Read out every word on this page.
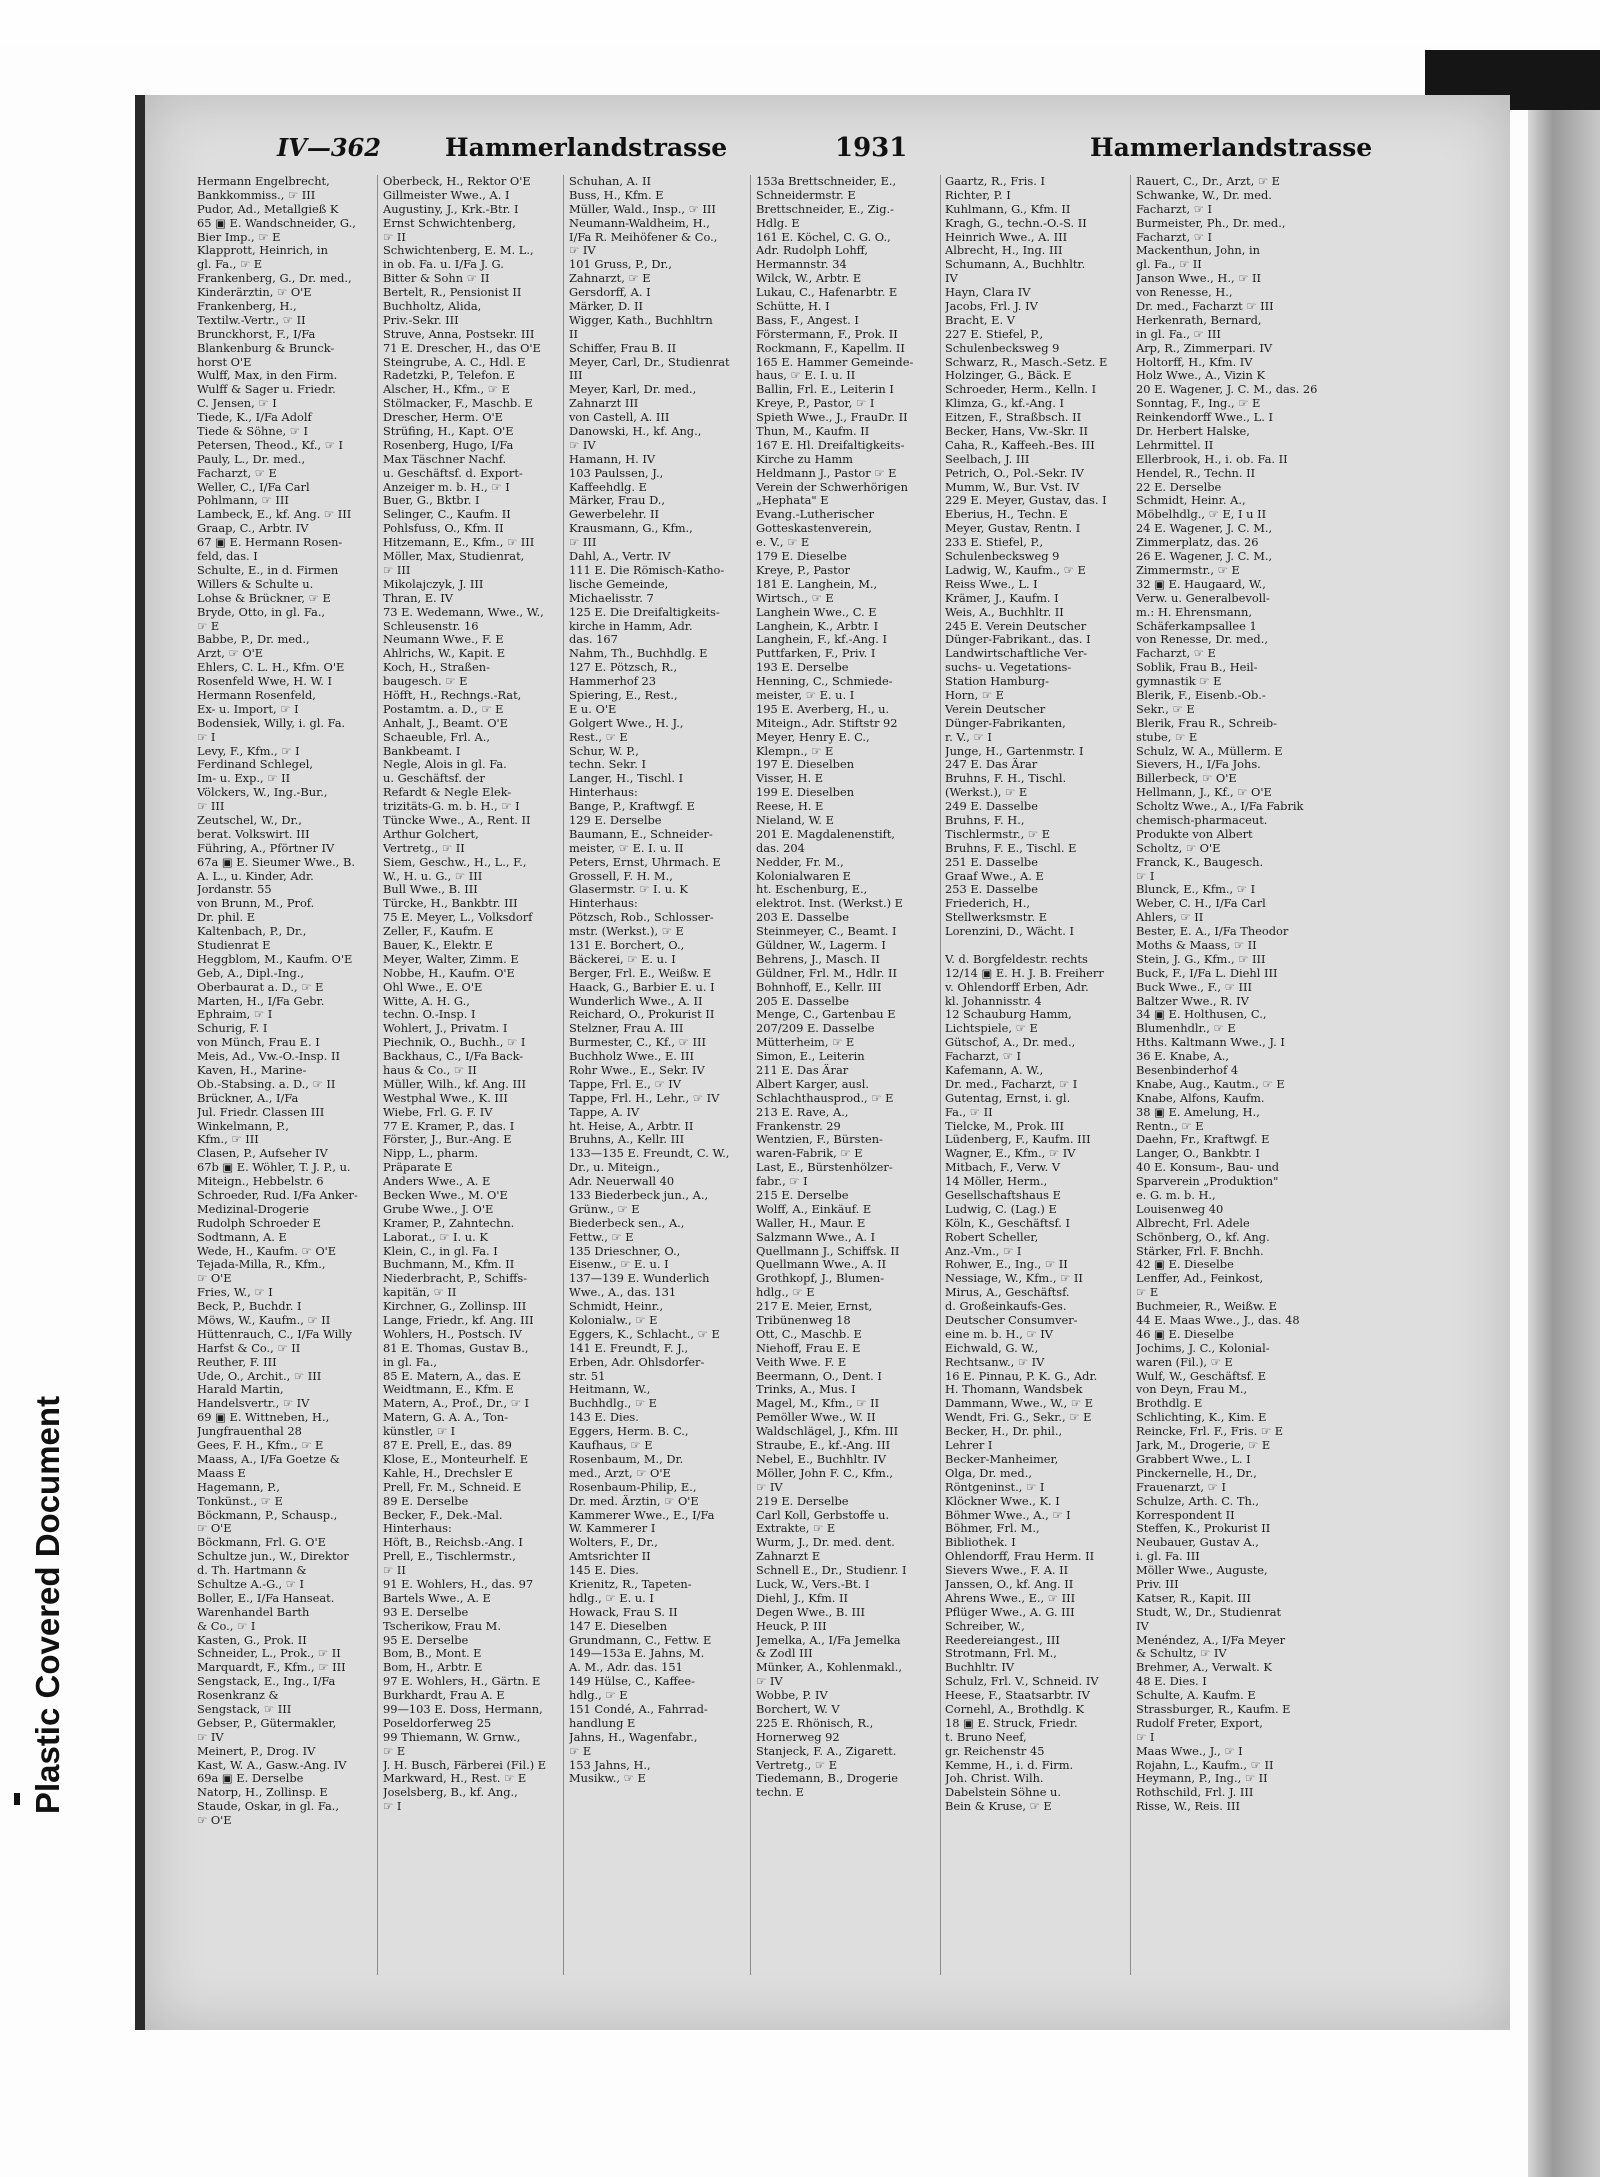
Plastic Covered Document
IV—362	Hammerlandstrasse	1931	Hammerlandstrasse
Hermann Engelbrecht,
Bankkommiss., ☞ III
Pudor, Ad., Metallgieß K
65 ▣ E. Wandschneider, G.,
Bier Imp., ☞ E
Klapprott, Heinrich, in
gl. Fa., ☞ E
Frankenberg, G., Dr. med.,
Kinderärztin, ☞ O'E
Frankenberg, H.,
Textilw.-Vertr., ☞ II
Brunckhorst, F., I/Fa
Blankenburg & Brunck-
horst O'E
Wulff, Max, in den Firm.
Wulff & Sager u. Friedr.
C. Jensen, ☞ I
Tiede, K., I/Fa Adolf
Tiede & Söhne, ☞ I
Petersen, Theod., Kf., ☞ I
Pauly, L., Dr. med.,
Facharzt, ☞ E
Weller, C., I/Fa Carl
Pohlmann, ☞ III
Lambeck, E., kf. Ang. ☞ III
Graap, C., Arbtr. IV
67 ▣ E. Hermann Rosen-
feld, das. I
Schulte, E., in d. Firmen
Willers & Schulte u.
Lohse & Brückner, ☞ E
Bryde, Otto, in gl. Fa.,
☞ E
Babbe, P., Dr. med.,
Arzt, ☞ O'E
Ehlers, C. L. H., Kfm. O'E
Rosenfeld Wwe, H. W. I
Hermann Rosenfeld,
Ex- u. Import, ☞ I
Bodensiek, Willy, i. gl. Fa.
☞ I
Levy, F., Kfm., ☞ I
Ferdinand Schlegel,
Im- u. Exp., ☞ II
Völckers, W., Ing.-Bur.,
☞ III
Zeutschel, W., Dr.,
berat. Volkswirt. III
Führing, A., Pförtner IV
67a ▣ E. Sieumer Wwe., B.
A. L., u. Kinder, Adr.
Jordanstr. 55
von Brunn, M., Prof.
Dr. phil. E
Kaltenbach, P., Dr.,
Studienrat E
Heggblom, M., Kaufm. O'E
Geb, A., Dipl.-Ing.,
Oberbaurat a. D., ☞ E
Marten, H., I/Fa Gebr.
Ephraim, ☞ I
Schurig, F. I
von Münch, Frau E. I
Meis, Ad., Vw.-O.-Insp. II
Kaven, H., Marine-
Ob.-Stabsing. a. D., ☞ II
Brückner, A., I/Fa
Jul. Friedr. Classen III
Winkelmann, P.,
Kfm., ☞ III
Clasen, P., Aufseher IV
67b ▣ E. Wöhler, T. J. P., u.
Miteign., Hebbelstr. 6
Schroeder, Rud. I/Fa Anker-
Medizinal-Drogerie
Rudolph Schroeder E
Sodtmann, A. E
Wede, H., Kaufm. ☞ O'E
Tejada-Milla, R., Kfm.,
☞ O'E
Fries, W., ☞ I
Beck, P., Buchdr. I
Möws, W., Kaufm., ☞ II
Hüttenrauch, C., I/Fa Willy
Harfst & Co., ☞ II
Reuther, F. III
Ude, O., Archit., ☞ III
Harald Martin,
Handelsvertr., ☞ IV
69 ▣ E. Wittneben, H.,
Jungfrauenthal 28
Gees, F. H., Kfm., ☞ E
Maass, A., I/Fa Goetze &
Maass E
Hagemann, P.,
Tonkünst., ☞ E
Böckmann, P., Schausp.,
☞ O'E
Böckmann, Frl. G. O'E
Schultze jun., W., Direktor
d. Th. Hartmann &
Schultze A.-G., ☞ I
Boller, E., I/Fa Hanseat.
Warenhandel Barth
& Co., ☞ I
Kasten, G., Prok. II
Schneider, L., Prok., ☞ II
Marquardt, F., Kfm., ☞ III
Sengstack, E., Ing., I/Fa
Rosenkranz &
Sengstack, ☞ III
Gebser, P., Gütermakler,
☞ IV
Meinert, P., Drog. IV
Kast, W. A., Gasw.-Ang. IV
69a ▣ E. Derselbe
Natorp, H., Zollinsp. E
Staude, Oskar, in gl. Fa.,
☞ O'E
Oberbeck, H., Rektor O'E
Gillmeister Wwe., A. I
Augustiny, J., Krk.-Btr. I
Ernst Schwichtenberg,
☞ II
Schwichtenberg, E. M. L.,
in ob. Fa. u. I/Fa J. G.
Bitter & Sohn ☞ II
Bertelt, R., Pensionist II
Buchholtz, Alida,
Priv.-Sekr. III
Struve, Anna, Postsekr. III
71 E. Drescher, H., das O'E
Steingrube, A. C., Hdl. E
Radetzki, P., Telefon. E
Alscher, H., Kfm., ☞ E
Stölmacker, F., Maschb. E
Drescher, Herm. O'E
Strüfing, H., Kapt. O'E
Rosenberg, Hugo, I/Fa
Max Täschner Nachf.
u. Geschäftsf. d. Export-
Anzeiger m. b. H., ☞ I
Buer, G., Bktbr. I
Selinger, C., Kaufm. II
Pohlsfuss, O., Kfm. II
Hitzemann, E., Kfm., ☞ III
Möller, Max, Studienrat,
☞ III
Mikolajczyk, J. III
Thran, E. IV
73 E. Wedemann, Wwe., W.,
Schleusenstr. 16
Neumann Wwe., F. E
Ahlrichs, W., Kapit. E
Koch, H., Straßen-
baugesch. ☞ E
Höfft, H., Rechngs.-Rat,
Postamtm. a. D., ☞ E
Anhalt, J., Beamt. O'E
Schaeuble, Frl. A.,
Bankbeamt. I
Negle, Alois in gl. Fa.
u. Geschäftsf. der
Refardt & Negle Elek-
trizitäts-G. m. b. H., ☞ I
Tüncke Wwe., A., Rent. II
Arthur Golchert,
Vertretg., ☞ II
Siem, Geschw., H., L., F.,
W., H. u. G., ☞ III
Bull Wwe., B. III
Türcke, H., Bankbtr. III
75 E. Meyer, L., Volksdorf
Zeller, F., Kaufm. E
Bauer, K., Elektr. E
Meyer, Walter, Zimm. E
Nobbe, H., Kaufm. O'E
Ohl Wwe., E. O'E
Witte, A. H. G.,
techn. O.-Insp. I
Wohlert, J., Privatm. I
Piechnik, O., Buchh., ☞ I
Backhaus, C., I/Fa Back-
haus & Co., ☞ II
Müller, Wilh., kf. Ang. III
Westphal Wwe., K. III
Wiebe, Frl. G. F. IV
77 E. Kramer, P., das. I
Förster, J., Bur.-Ang. E
Nipp, L., pharm.
Präparate E
Anders Wwe., A. E
Becken Wwe., M. O'E
Grube Wwe., J. O'E
Kramer, P., Zahntechn.
Laborat., ☞ I. u. K
Klein, C., in gl. Fa. I
Buchmann, M., Kfm. II
Niederbracht, P., Schiffs-
kapitän, ☞ II
Kirchner, G., Zollinsp. III
Lange, Friedr., kf. Ang. III
Wohlers, H., Postsch. IV
81 E. Thomas, Gustav B.,
in gl. Fa.,
85 E. Matern, A., das. E
Weidtmann, E., Kfm. E
Matern, A., Prof., Dr., ☞ I
Matern, G. A. A., Ton-
künstler, ☞ I
87 E. Prell, E., das. 89
Klose, E., Monteurhelf. E
Kahle, H., Drechsler E
Prell, Fr. M., Schneid. E
89 E. Derselbe
Becker, F., Dek.-Mal.
Hinterhaus:
Höft, B., Reichsb.-Ang. I
Prell, E., Tischlermstr.,
☞ II
91 E. Wohlers, H., das. 97
Bartels Wwe., A. E
93 E. Derselbe
Tscherikow, Frau M.
95 E. Derselbe
Bom, B., Mont. E
Bom, H., Arbtr. E
97 E. Wohlers, H., Gärtn. E
Burkhardt, Frau A. E
99—103 E. Doss, Hermann,
Poseldorferweg 25
99 Thiemann, W. Grnw.,
☞ E
J. H. Busch, Färberei (Fil.) E
Markward, H., Rest. ☞ E
Joselsberg, B., kf. Ang.,
☞ I
Schuhan, A. II
Buss, H., Kfm. E
Müller, Wald., Insp., ☞ III
Neumann-Waldheim, H.,
I/Fa R. Meihöfener & Co.,
☞ IV
101 Gruss, P., Dr.,
Zahnarzt, ☞ E
Gersdorff, A. I
Märker, D. II
Wigger, Kath., Buchhltrn
II
Schiffer, Frau B. II
Meyer, Carl, Dr., Studienrat
III
Meyer, Karl, Dr. med.,
Zahnarzt III
von Castell, A. III
Danowski, H., kf. Ang.,
☞ IV
Hamann, H. IV
103 Paulssen, J.,
Kaffeehdlg. E
Märker, Frau D.,
Gewerbelehr. II
Krausmann, G., Kfm.,
☞ III
Dahl, A., Vertr. IV
111 E. Die Römisch-Katho-
lische Gemeinde,
Michaelisstr. 7
125 E. Die Dreifaltigkeits-
kirche in Hamm, Adr.
das. 167
Nahm, Th., Buchhdlg. E
127 E. Pötzsch, R.,
Hammerhof 23
Spiering, E., Rest.,
E u. O'E
Golgert Wwe., H. J.,
Rest., ☞ E
Schur, W. P.,
techn. Sekr. I
Langer, H., Tischl. I
Hinterhaus:
Bange, P., Kraftwgf. E
129 E. Derselbe
Baumann, E., Schneider-
meister, ☞ E. I. u. II
Peters, Ernst, Uhrmach. E
Grossell, F. H. M.,
Glasermstr. ☞ I. u. K
Hinterhaus:
Pötzsch, Rob., Schlosser-
mstr. (Werkst.), ☞ E
131 E. Borchert, O.,
Bäckerei, ☞ E. u. I
Berger, Frl. E., Weißw. E
Haack, G., Barbier E. u. I
Wunderlich Wwe., A. II
Reichard, O., Prokurist II
Stelzner, Frau A. III
Burmester, C., Kf., ☞ III
Buchholz Wwe., E. III
Rohr Wwe., E., Sekr. IV
Tappe, Frl. E., ☞ IV
Tappe, Frl. H., Lehr., ☞ IV
Tappe, A. IV
ht. Heise, A., Arbtr. II
Bruhns, A., Kellr. III
133—135 E. Freundt, C. W.,
Dr., u. Miteign.,
Adr. Neuerwall 40
133 Biederbeck jun., A.,
Grünw., ☞ E
Biederbeck sen., A.,
Fettw., ☞ E
135 Drieschner, O.,
Eisenw., ☞ E. u. I
137—139 E. Wunderlich
Wwe., A., das. 131
Schmidt, Heinr.,
Kolonialw., ☞ E
Eggers, K., Schlacht., ☞ E
141 E. Freundt, F. J.,
Erben, Adr. Ohlsdorfer-
str. 51
Heitmann, W.,
Buchhdlg., ☞ E
143 E. Dies.
Eggers, Herm. B. C.,
Kaufhaus, ☞ E
Rosenbaum, M., Dr.
med., Arzt, ☞ O'E
Rosenbaum-Philip, E.,
Dr. med. Ärztin, ☞ O'E
Kammerer Wwe., E., I/Fa
W. Kammerer I
Wolters, F., Dr.,
Amtsrichter II
145 E. Dies.
Krienitz, R., Tapeten-
hdlg., ☞ E. u. I
Howack, Frau S. II
147 E. Dieselben
Grundmann, C., Fettw. E
149—153a E. Jahns, M.
A. M., Adr. das. 151
149 Hülse, C., Kaffee-
hdlg., ☞ E
151 Condé, A., Fahrrad-
handlung E
Jahns, H., Wagenfabr.,
☞ E
153 Jahns, H.,
Musikw., ☞ E
153a Brettschneider, E.,
Schneidermstr. E
Brettschneider, E., Zig.-
Hdlg. E
161 E. Köchel, C. G. O.,
Adr. Rudolph Lohff,
Hermannstr. 34
Wilck, W., Arbtr. E
Lukau, C., Hafenarbtr. E
Schütte, H. I
Bass, F., Angest. I
Förstermann, F., Prok. II
Rockmann, F., Kapellm. II
165 E. Hammer Gemeinde-
haus, ☞ E. I. u. II
Ballin, Frl. E., Leiterin I
Kreye, P., Pastor, ☞ I
Spieth Wwe., J., FrauDr. II
Thun, M., Kaufm. II
167 E. Hl. Dreifaltigkeits-
Kirche zu Hamm
Heldmann J., Pastor ☞ E
Verein der Schwerhörigen
„Hephata" E
Evang.-Lutherischer
Gotteskastenverein,
e. V., ☞ E
179 E. Dieselbe
Kreye, P., Pastor
181 E. Langhein, M.,
Wirtsch., ☞ E
Langhein Wwe., C. E
Langhein, K., Arbtr. I
Langhein, F., kf.-Ang. I
Puttfarken, F., Priv. I
193 E. Derselbe
Henning, C., Schmiede-
meister, ☞ E. u. I
195 E. Averberg, H., u.
Miteign., Adr. Stiftstr 92
Meyer, Henry E. C.,
Klempn., ☞ E
197 E. Dieselben
Visser, H. E
199 E. Dieselben
Reese, H. E
Nieland, W. E
201 E. Magdalenenstift,
das. 204
Nedder, Fr. M.,
Kolonialwaren E
ht. Eschenburg, E.,
elektrot. Inst. (Werkst.) E
203 E. Dasselbe
Steinmeyer, C., Beamt. I
Güldner, W., Lagerm. I
Behrens, J., Masch. II
Güldner, Frl. M., Hdlr. II
Bohnhoff, E., Kellr. III
205 E. Dasselbe
Menge, C., Gartenbau E
207/209 E. Dasselbe
Mütterheim, ☞ E
Simon, E., Leiterin
211 E. Das Ärar
Albert Karger, ausl.
Schlachthausprod., ☞ E
213 E. Rave, A.,
Frankenstr. 29
Wentzien, F., Bürsten-
waren-Fabrik, ☞ E
Last, E., Bürstenhölzer-
fabr., ☞ I
215 E. Derselbe
Wolff, A., Einkäuf. E
Waller, H., Maur. E
Salzmann Wwe., A. I
Quellmann J., Schiffsk. II
Quellmann Wwe., A. II
Grothkopf, J., Blumen-
hdlg., ☞ E
217 E. Meier, Ernst,
Tribünenweg 18
Ott, C., Maschb. E
Niehoff, Frau E. E
Veith Wwe. F. E
Beermann, O., Dent. I
Trinks, A., Mus. I
Magel, M., Kfm., ☞ II
Pemöller Wwe., W. II
Waldschlägel, J., Kfm. III
Straube, E., kf.-Ang. III
Nebel, E., Buchhltr. IV
Möller, John F. C., Kfm.,
☞ IV
219 E. Derselbe
Carl Koll, Gerbstoffe u.
Extrakte, ☞ E
Wurm, J., Dr. med. dent.
Zahnarzt E
Schnell E., Dr., Studienr. I
Luck, W., Vers.-Bt. I
Diehl, J., Kfm. II
Degen Wwe., B. III
Heuck, P. III
Jemelka, A., I/Fa Jemelka
& Zodl III
Münker, A., Kohlenmakl.,
☞ IV
Wobbe, P. IV
Borchert, W. V
225 E. Rhönisch, R.,
Hornerweg 92
Stanjeck, F. A., Zigarett.
Vertretg., ☞ E
Tiedemann, B., Drogerie
techn. E
Gaartz, R., Fris. I
Richter, P. I
Kuhlmann, G., Kfm. II
Kragh, G., techn.-O.-S. II
Heinrich Wwe., A. III
Albrecht, H., Ing. III
Schumann, A., Buchhltr.
IV
Hayn, Clara IV
Jacobs, Frl. J. IV
Bracht, E. V
227 E. Stiefel, P.,
Schulenbecksweg 9
Schwarz, R., Masch.-Setz. E
Holzinger, G., Bäck. E
Schroeder, Herm., Kelln. I
Klimza, G., kf.-Ang. I
Eitzen, F., Straßbsch. II
Becker, Hans, Vw.-Skr. II
Caha, R., Kaffeeh.-Bes. III
Seelbach, J. III
Petrich, O., Pol.-Sekr. IV
Mumm, W., Bur. Vst. IV
229 E. Meyer, Gustav, das. I
Eberius, H., Techn. E
Meyer, Gustav, Rentn. I
233 E. Stiefel, P.,
Schulenbecksweg 9
Ladwig, W., Kaufm., ☞ E
Reiss Wwe., L. I
Krämer, J., Kaufm. I
Weis, A., Buchhltr. II
245 E. Verein Deutscher
Dünger-Fabrikant., das. I
Landwirtschaftliche Ver-
suchs- u. Vegetations-
Station Hamburg-
Horn, ☞ E
Verein Deutscher
Dünger-Fabrikanten,
r. V., ☞ I
Junge, H., Gartenmstr. I
247 E. Das Ärar
Bruhns, F. H., Tischl.
(Werkst.), ☞ E
249 E. Dasselbe
Bruhns, F. H.,
Tischlermstr., ☞ E
Bruhns, F. E., Tischl. E
251 E. Dasselbe
Graaf Wwe., A. E
253 E. Dasselbe
Friederich, H.,
Stellwerksmstr. E
Lorenzini, D., Wächt. I
V. d. Borgfeldestr. rechts
12/14 ▣ E. H. J. B. Freiherr
v. Ohlendorff Erben, Adr.
kl. Johannisstr. 4
12 Schauburg Hamm,
Lichtspiele, ☞ E
Gütschof, A., Dr. med.,
Facharzt, ☞ I
Kafemann, A. W.,
Dr. med., Facharzt, ☞ I
Gutentag, Ernst, i. gl.
Fa., ☞ II
Tielcke, M., Prok. III
Lüdenberg, F., Kaufm. III
Wagner, E., Kfm., ☞ IV
Mitbach, F., Verw. V
14 Möller, Herm.,
Gesellschaftshaus E
Ludwig, C. (Lag.) E
Köln, K., Geschäftsf. I
Robert Scheller,
Anz.-Vm., ☞ I
Rohwer, E., Ing., ☞ II
Nessiage, W., Kfm., ☞ II
Mirus, A., Geschäftsf.
d. Großeinkaufs-Ges.
Deutscher Consumver-
eine m. b. H., ☞ IV
Eichwald, G. W.,
Rechtsanw., ☞ IV
16 E. Pinnau, P. K. G., Adr.
H. Thomann, Wandsbek
Dammann, Wwe., W., ☞ E
Wendt, Fri. G., Sekr., ☞ E
Becker, H., Dr. phil.,
Lehrer I
Becker-Manheimer,
Olga, Dr. med.,
Röntgeninst., ☞ I
Klöckner Wwe., K. I
Böhmer Wwe., A., ☞ I
Böhmer, Frl. M.,
Bibliothek. I
Ohlendorff, Frau Herm. II
Sievers Wwe., F. A. II
Janssen, O., kf. Ang. II
Ahrens Wwe., E., ☞ III
Pflüger Wwe., A. G. III
Schreiber, W.,
Reedereiangest., III
Strotmann, Frl. M.,
Buchhltr. IV
Schulz, Frl. V., Schneid. IV
Heese, F., Staatsarbtr. IV
Cornehl, A., Brothdlg. K
18 ▣ E. Struck, Friedr.
t. Bruno Neef,
gr. Reichenstr 45
Kemme, H., i. d. Firm.
Joh. Christ. Wilh.
Dabelstein Söhne u.
Bein & Kruse, ☞ E
Rauert, C., Dr., Arzt, ☞ E
Schwanke, W., Dr. med.
Facharzt, ☞ I
Burmeister, Ph., Dr. med.,
Facharzt, ☞ I
Mackenthun, John, in
gl. Fa., ☞ II
Janson Wwe., H., ☞ II
von Renesse, H.,
Dr. med., Facharzt ☞ III
Herkenrath, Bernard,
in gl. Fa., ☞ III
Arp, R., Zimmerpari. IV
Holtorff, H., Kfm. IV
Holz Wwe., A., Vizin K
20 E. Wagener, J. C. M., das. 26
Sonntag, F., Ing., ☞ E
Reinkendorff Wwe., L. I
Dr. Herbert Halske,
Lehrmittel. II
Ellerbrook, H., i. ob. Fa. II
Hendel, R., Techn. II
22 E. Derselbe
Schmidt, Heinr. A.,
Möbelhdlg., ☞ E, I u II
24 E. Wagener, J. C. M.,
Zimmerplatz, das. 26
26 E. Wagener, J. C. M.,
Zimmermstr., ☞ E
32 ▣ E. Haugaard, W.,
Verw. u. Generalbevoll-
m.: H. Ehrensmann,
Schäferkampsallee 1
von Renesse, Dr. med.,
Facharzt, ☞ E
Soblik, Frau B., Heil-
gymnastik ☞ E
Blerik, F., Eisenb.-Ob.-
Sekr., ☞ E
Blerik, Frau R., Schreib-
stube, ☞ E
Schulz, W. A., Müllerm. E
Sievers, H., I/Fa Johs.
Billerbeck, ☞ O'E
Hellmann, J., Kf., ☞ O'E
Scholtz Wwe., A., I/Fa Fabrik
chemisch-pharmaceut.
Produkte von Albert
Scholtz, ☞ O'E
Franck, K., Baugesch.
☞ I
Blunck, E., Kfm., ☞ I
Weber, C. H., I/Fa Carl
Ahlers, ☞ II
Bester, E. A., I/Fa Theodor
Moths & Maass, ☞ II
Stein, J. G., Kfm., ☞ III
Buck, F., I/Fa L. Diehl III
Buck Wwe., F., ☞ III
Baltzer Wwe., R. IV
34 ▣ E. Holthusen, C.,
Blumenhdlr., ☞ E
Hths. Kaltmann Wwe., J. I
36 E. Knabe, A.,
Besenbinderhof 4
Knabe, Aug., Kautm., ☞ E
Knabe, Alfons, Kaufm.
38 ▣ E. Amelung, H.,
Rentn., ☞ E
Daehn, Fr., Kraftwgf. E
Langer, O., Bankbtr. I
40 E. Konsum-, Bau- und
Sparverein „Produktion"
e. G. m. b. H.,
Louisenweg 40
Albrecht, Frl. Adele
Schönberg, O., kf. Ang.
Stärker, Frl. F. Bnchh.
42 ▣ E. Dieselbe
Lenffer, Ad., Feinkost,
☞ E
Buchmeier, R., Weißw. E
44 E. Maas Wwe., J., das. 48
46 ▣ E. Dieselbe
Jochims, J. C., Kolonial-
waren (Fil.), ☞ E
Wulf, W., Geschäftsf. E
von Deyn, Frau M.,
Brothdlg. E
Schlichting, K., Kim. E
Reincke, Frl. F., Fris. ☞ E
Jark, M., Drogerie, ☞ E
Grabbert Wwe., L. I
Pinckernelle, H., Dr.,
Frauenarzt, ☞ I
Schulze, Arth. C. Th.,
Korrespondent II
Steffen, K., Prokurist II
Neubauer, Gustav A.,
i. gl. Fa. III
Möller Wwe., Auguste,
Priv. III
Katser, R., Kapit. III
Studt, W., Dr., Studienrat
IV
Menéndez, A., I/Fa Meyer
& Schultz, ☞ IV
Brehmer, A., Verwalt. K
48 E. Dies. I
Schulte, A. Kaufm. E
Strassburger, R., Kaufm. E
Rudolf Freter, Export,
☞ I
Maas Wwe., J., ☞ I
Rojahn, L., Kaufm., ☞ II
Heymann, P., Ing., ☞ II
Rothschild, Frl. J. III
Risse, W., Reis. III
